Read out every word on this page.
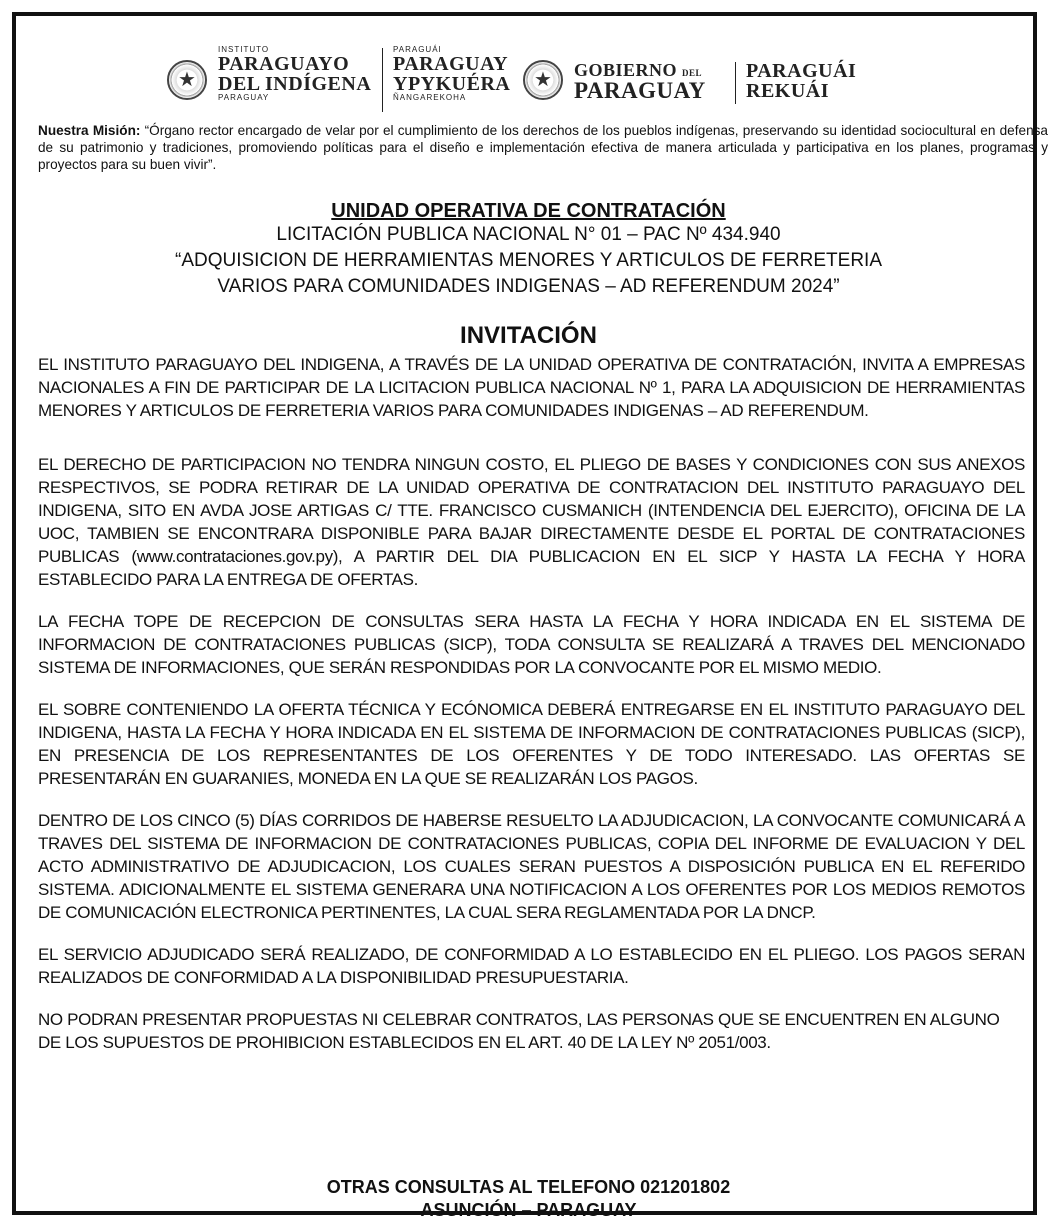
★
INSTITUTO
PARAGUAYO
DEL INDÍGENA
PARAGUAY
PARAGUÁI
PARAGUAY
YPYKUÉRA
ÑANGAREKOHA
★	GOBIERNO DEL
PARAGUAY
PARAGUÁI
REKUÁI
Nuestra Misión: “Órgano rector encargado de velar por el cumplimiento de los derechos de los pueblos indígenas, preservando su identidad sociocultural en defensa de su patrimonio y tradiciones, promoviendo políticas para el diseño e implementación efectiva de manera articulada y participativa en los planes, programas y proyectos para su buen vivir”.

UNIDAD OPERATIVA DE CONTRATACIÓN

LICITACIÓN PUBLICA NACIONAL N° 01 – PAC Nº 434.940

“ADQUISICION DE HERRAMIENTAS MENORES Y ARTICULOS DE FERRETERIA

VARIOS PARA COMUNIDADES INDIGENAS – AD REFERENDUM 2024”

INVITACIÓN

EL INSTITUTO PARAGUAYO DEL INDIGENA, A TRAVÉS DE LA UNIDAD OPERATIVA DE CONTRATACIÓN, INVITA A EMPRESAS NACIONALES A FIN DE PARTICIPAR DE LA LICITACION PUBLICA NACIONAL Nº 1, PARA LA ADQUISICION DE HERRAMIENTAS MENORES Y ARTICULOS DE FERRETERIA VARIOS PARA COMUNIDADES INDIGENAS – AD REFERENDUM.

EL DERECHO DE PARTICIPACION NO TENDRA NINGUN COSTO, EL PLIEGO DE BASES Y CONDICIONES CON SUS ANEXOS RESPECTIVOS, SE PODRA RETIRAR DE LA UNIDAD OPERATIVA DE CONTRATACION DEL INSTITUTO PARAGUAYO DEL INDIGENA, SITO EN AVDA JOSE ARTIGAS C/ TTE. FRANCISCO CUSMANICH (INTENDENCIA DEL EJERCITO), OFICINA DE LA UOC, TAMBIEN SE ENCONTRARA DISPONIBLE PARA BAJAR DIRECTAMENTE DESDE EL PORTAL DE CONTRATACIONES PUBLICAS (www.contrataciones.gov.py), A PARTIR DEL DIA PUBLICACION EN EL SICP Y HASTA LA FECHA Y HORA ESTABLECIDO PARA LA ENTREGA DE OFERTAS.

LA FECHA TOPE DE RECEPCION DE CONSULTAS SERA HASTA LA FECHA Y HORA INDICADA EN EL SISTEMA DE INFORMACION DE CONTRATACIONES PUBLICAS (SICP), TODA CONSULTA SE REALIZARÁ A TRAVES DEL MENCIONADO SISTEMA DE INFORMACIONES, QUE SERÁN RESPONDIDAS POR LA CONVOCANTE POR EL MISMO MEDIO.

EL SOBRE CONTENIENDO LA OFERTA TÉCNICA Y ECÓNOMICA DEBERÁ ENTREGARSE EN EL INSTITUTO PARAGUAYO DEL INDIGENA, HASTA LA FECHA Y HORA INDICADA EN EL SISTEMA DE INFORMACION DE CONTRATACIONES PUBLICAS (SICP), EN PRESENCIA DE LOS REPRESENTANTES DE LOS OFERENTES Y DE TODO INTERESADO. LAS OFERTAS SE PRESENTARÁN EN GUARANIES, MONEDA EN LA QUE SE REALIZARÁN LOS PAGOS.

DENTRO DE LOS CINCO (5) DÍAS CORRIDOS DE HABERSE RESUELTO LA ADJUDICACION, LA CONVOCANTE COMUNICARÁ A TRAVES DEL SISTEMA DE INFORMACION DE CONTRATACIONES PUBLICAS, COPIA DEL INFORME DE EVALUACION Y DEL ACTO ADMINISTRATIVO DE ADJUDICACION, LOS CUALES SERAN PUESTOS A DISPOSICIÓN PUBLICA EN EL REFERIDO SISTEMA. ADICIONALMENTE EL SISTEMA GENERARA UNA NOTIFICACION A LOS OFERENTES POR LOS MEDIOS REMOTOS DE COMUNICACIÓN ELECTRONICA PERTINENTES, LA CUAL SERA REGLAMENTADA POR LA DNCP.

EL SERVICIO ADJUDICADO SERÁ REALIZADO, DE CONFORMIDAD A LO ESTABLECIDO EN EL PLIEGO. LOS PAGOS SERAN REALIZADOS DE CONFORMIDAD A LA DISPONIBILIDAD PRESUPUESTARIA.

NO PODRAN PRESENTAR PROPUESTAS NI CELEBRAR CONTRATOS, LAS PERSONAS QUE SE ENCUENTREN EN ALGUNO DE LOS SUPUESTOS DE PROHIBICION ESTABLECIDOS EN EL ART. 40 DE LA LEY Nº 2051/003.

OTRAS CONSULTAS AL TELEFONO 021201802
ASUNCIÓN – PARAGUAY
